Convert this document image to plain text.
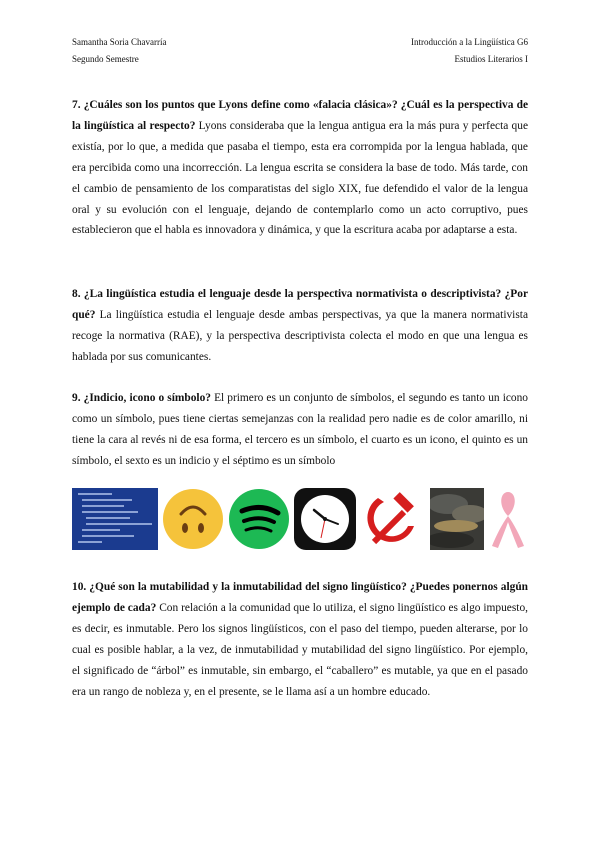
Samantha Soria Chavarría
Segundo Semestre
Introducción a la Lingüística G6
Estudios Literarios I

7. ¿Cuáles son los puntos que Lyons define como «falacia clásica»? ¿Cuál es la perspectiva de la lingüística al respecto? Lyons consideraba que la lengua antigua era la más pura y perfecta que existía, por lo que, a medida que pasaba el tiempo, esta era corrompida por la lengua hablada, que era percibida como una incorrección. La lengua escrita se considera la base de todo. Más tarde, con el cambio de pensamiento de los comparatistas del siglo XIX, fue defendido el valor de la lengua oral y su evolución con el lenguaje, dejando de contemplarlo como un acto corruptivo, pues establecieron que el habla es innovadora y dinámica, y que la escritura acaba por adaptarse a esta.

8. ¿La lingüística estudia el lenguaje desde la perspectiva normativista o descriptivista? ¿Por qué? La lingüística estudia el lenguaje desde ambas perspectivas, ya que la manera normativista recoge la normativa (RAE), y la perspectiva descriptivista colecta el modo en que una lengua es hablada por sus comunicantes.

9. ¿Indicio, icono o símbolo? El primero es un conjunto de símbolos, el segundo es tanto un icono como un símbolo, pues tiene ciertas semejanzas con la realidad pero nadie es de color amarillo, ni tiene la cara al revés ni de esa forma, el tercero es un símbolo, el cuarto es un icono, el quinto es un símbolo, el sexto es un indicio y el séptimo es un símbolo

10. ¿Qué son la mutabilidad y la inmutabilidad del signo lingüístico? ¿Puedes ponernos algún ejemplo de cada? Con relación a la comunidad que lo utiliza, el signo lingüístico es algo impuesto, es decir, es inmutable. Pero los signos lingüísticos, con el paso del tiempo, pueden alterarse, por lo cual es posible hablar, a la vez, de inmutabilidad y mutabilidad del signo lingüístico. Por ejemplo, el significado de “árbol” es inmutable, sin embargo, el “caballero” es mutable, ya que en el pasado era un rango de nobleza y, en el presente, se le llama así a un hombre educado.
